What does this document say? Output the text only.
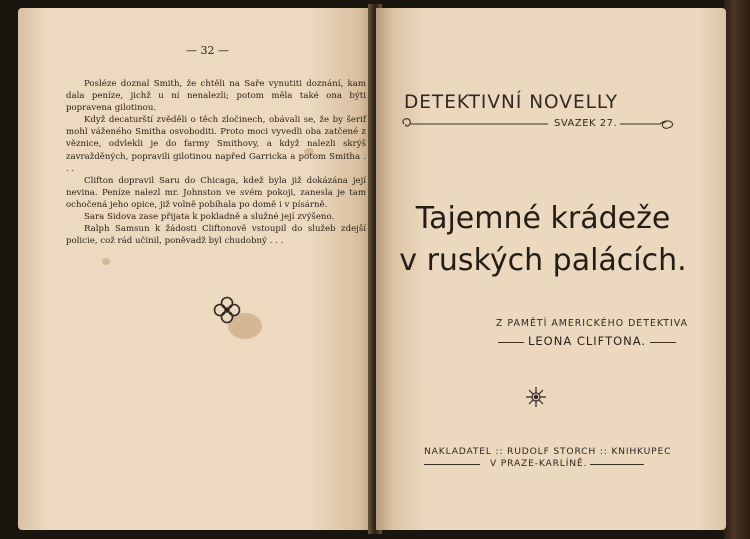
— 32 —

Posléze doznal Smith, že chtěli na Saře vynutiti doznání, kam dala peníze, jichž u ní nenalezli; potom měla také ona býti popravena gilotinou.

Když decaturští zvěděli o těch zločinech, obávali se, že by šerif mohl váženého Smitha osvoboditi. Proto moci vyvedli oba zatčené z věznice, odvlekli je do farmy Smithovy, a když nalezli skrýš zavražděných, popravili gilotinou napřed Garricka a potom Smitha . . .

Clifton dopravil Saru do Chicaga, kdež byla již dokázána její nevina. Peníze nalezl mr. Johnston ve svém pokoji, zanesla je tam ochočená jeho opice, již volně pobíhala po domě i v písárně.

Sara Sidova zase přijata k pokladně a služné její zvýšeno.

Ralph Samsun k žádosti Cliftonově vstoupil do služeb zdejší policie, což rád učinil, poněvadž byl chudobný . . .

DETEKTIVNÍ NOVELLY
SVAZEK 27.
Tajemné krádeže
v ruských palácích.
Z PAMĚTÍ AMERICKÉHO DETEKTIVA
LEONA CLIFTONA.
NAKLADATEL :: RUDOLF STORCH :: KNIHKUPEC
V PRAZE-KARLÍNĚ.
